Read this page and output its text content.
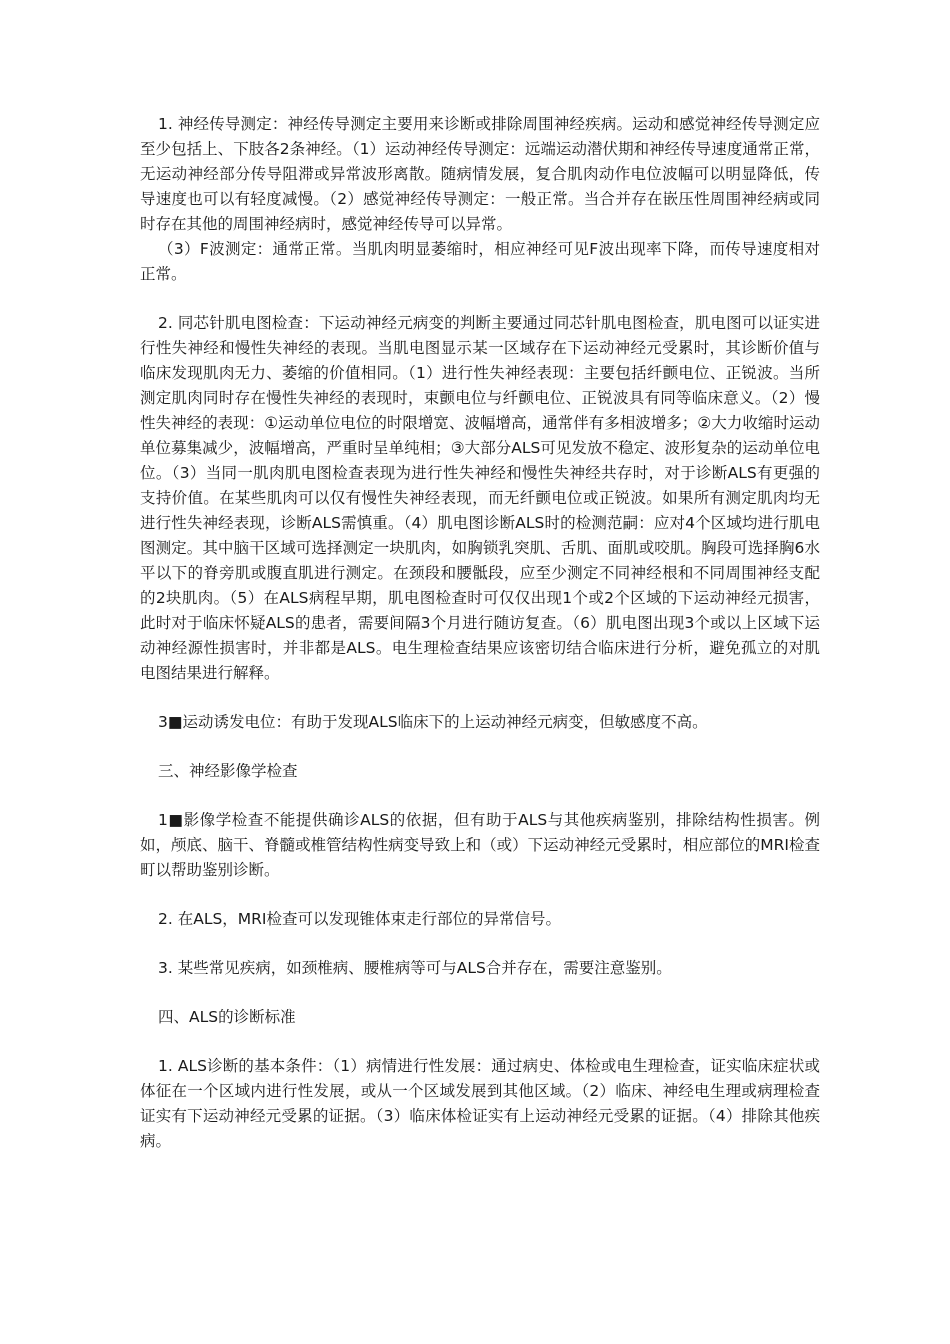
1. 神经传导测定：神经传导测定主要用来诊断或排除周围神经疾病。运动和感觉神经传导测定应至少包括上、下肢各2条神经。（1）运动神经传导测定：远端运动潜伏期和神经传导速度通常正常，无运动神经部分传导阻滞或异常波形离散。随病情发展，复合肌肉动作电位波幅可以明显降低，传导速度也可以有轻度减慢。（2）感觉神经传导测定：一般正常。当合并存在嵌压性周围神经病或同时存在其他的周围神经病时，感觉神经传导可以异常。

（3）F波测定：通常正常。当肌肉明显萎缩时，相应神经可见F波出现率下降，而传导速度相对正常。

2. 同芯针肌电图检查：下运动神经元病变的判断主要通过同芯针肌电图检查，肌电图可以证实进行性失神经和慢性失神经的表现。当肌电图显示某一区域存在下运动神经元受累时，其诊断价值与临床发现肌肉无力、萎缩的价值相同。（1）进行性失神经表现：主要包括纤颤电位、正锐波。当所测定肌肉同时存在慢性失神经的表现时，束颤电位与纤颤电位、正锐波具有同等临床意义。（2）慢性失神经的表现：①运动单位电位的时限增宽、波幅增高，通常伴有多相波增多；②大力收缩时运动单位募集减少，波幅增高，严重时呈单纯相；③大部分ALS可见发放不稳定、波形复杂的运动单位电位。（3）当同一肌肉肌电图检查表现为进行性失神经和慢性失神经共存时，对于诊断ALS有更强的支持价值。在某些肌肉可以仅有慢性失神经表现，而无纤颤电位或正锐波。如果所有测定肌肉均无进行性失神经表现，诊断ALS需慎重。（4）肌电图诊断ALS时的检测范嗣：应对4个区域均进行肌电图测定。其中脑干区域可选择测定一块肌肉，如胸锁乳突肌、舌肌、面肌或咬肌。胸段可选择胸6水平以下的脊旁肌或腹直肌进行测定。在颈段和腰骶段，应至少测定不同神经根和不同周围神经支配的2块肌肉。（5）在ALS病程早期，肌电图检查时可仅仅出现1个或2个区域的下运动神经元损害，此时对于临床怀疑ALS的患者，需要间隔3个月进行随访复查。（6）肌电图出现3个或以上区域下运动神经源性损害时，并非都是ALS。电生理检查结果应该密切结合临床进行分析，避免孤立的对肌电图结果进行解释。

3■运动诱发电位：有助于发现ALS临床下的上运动神经元病变，但敏感度不高。

三、神经影像学检查

1■影像学检查不能提供确诊ALS的依据，但有助于ALS与其他疾病鉴别，排除结构性损害。例如，颅底、脑干、脊髓或椎管结构性病变导致上和（或）下运动神经元受累时，相应部位的MRI检查町以帮助鉴别诊断。

2. 在ALS，MRI检查可以发现锥体束走行部位的异常信号。

3. 某些常见疾病，如颈椎病、腰椎病等可与ALS合并存在，需要注意鉴别。

四、ALS的诊断标准

1. ALS诊断的基本条件：（1）病情进行性发展：通过病史、体检或电生理检查，证实临床症状或体征在一个区域内进行性发展，或从一个区域发展到其他区域。（2）临床、神经电生理或病理检查证实有下运动神经元受累的证据。（3）临床体检证实有上运动神经元受累的证据。（4）排除其他疾病。
